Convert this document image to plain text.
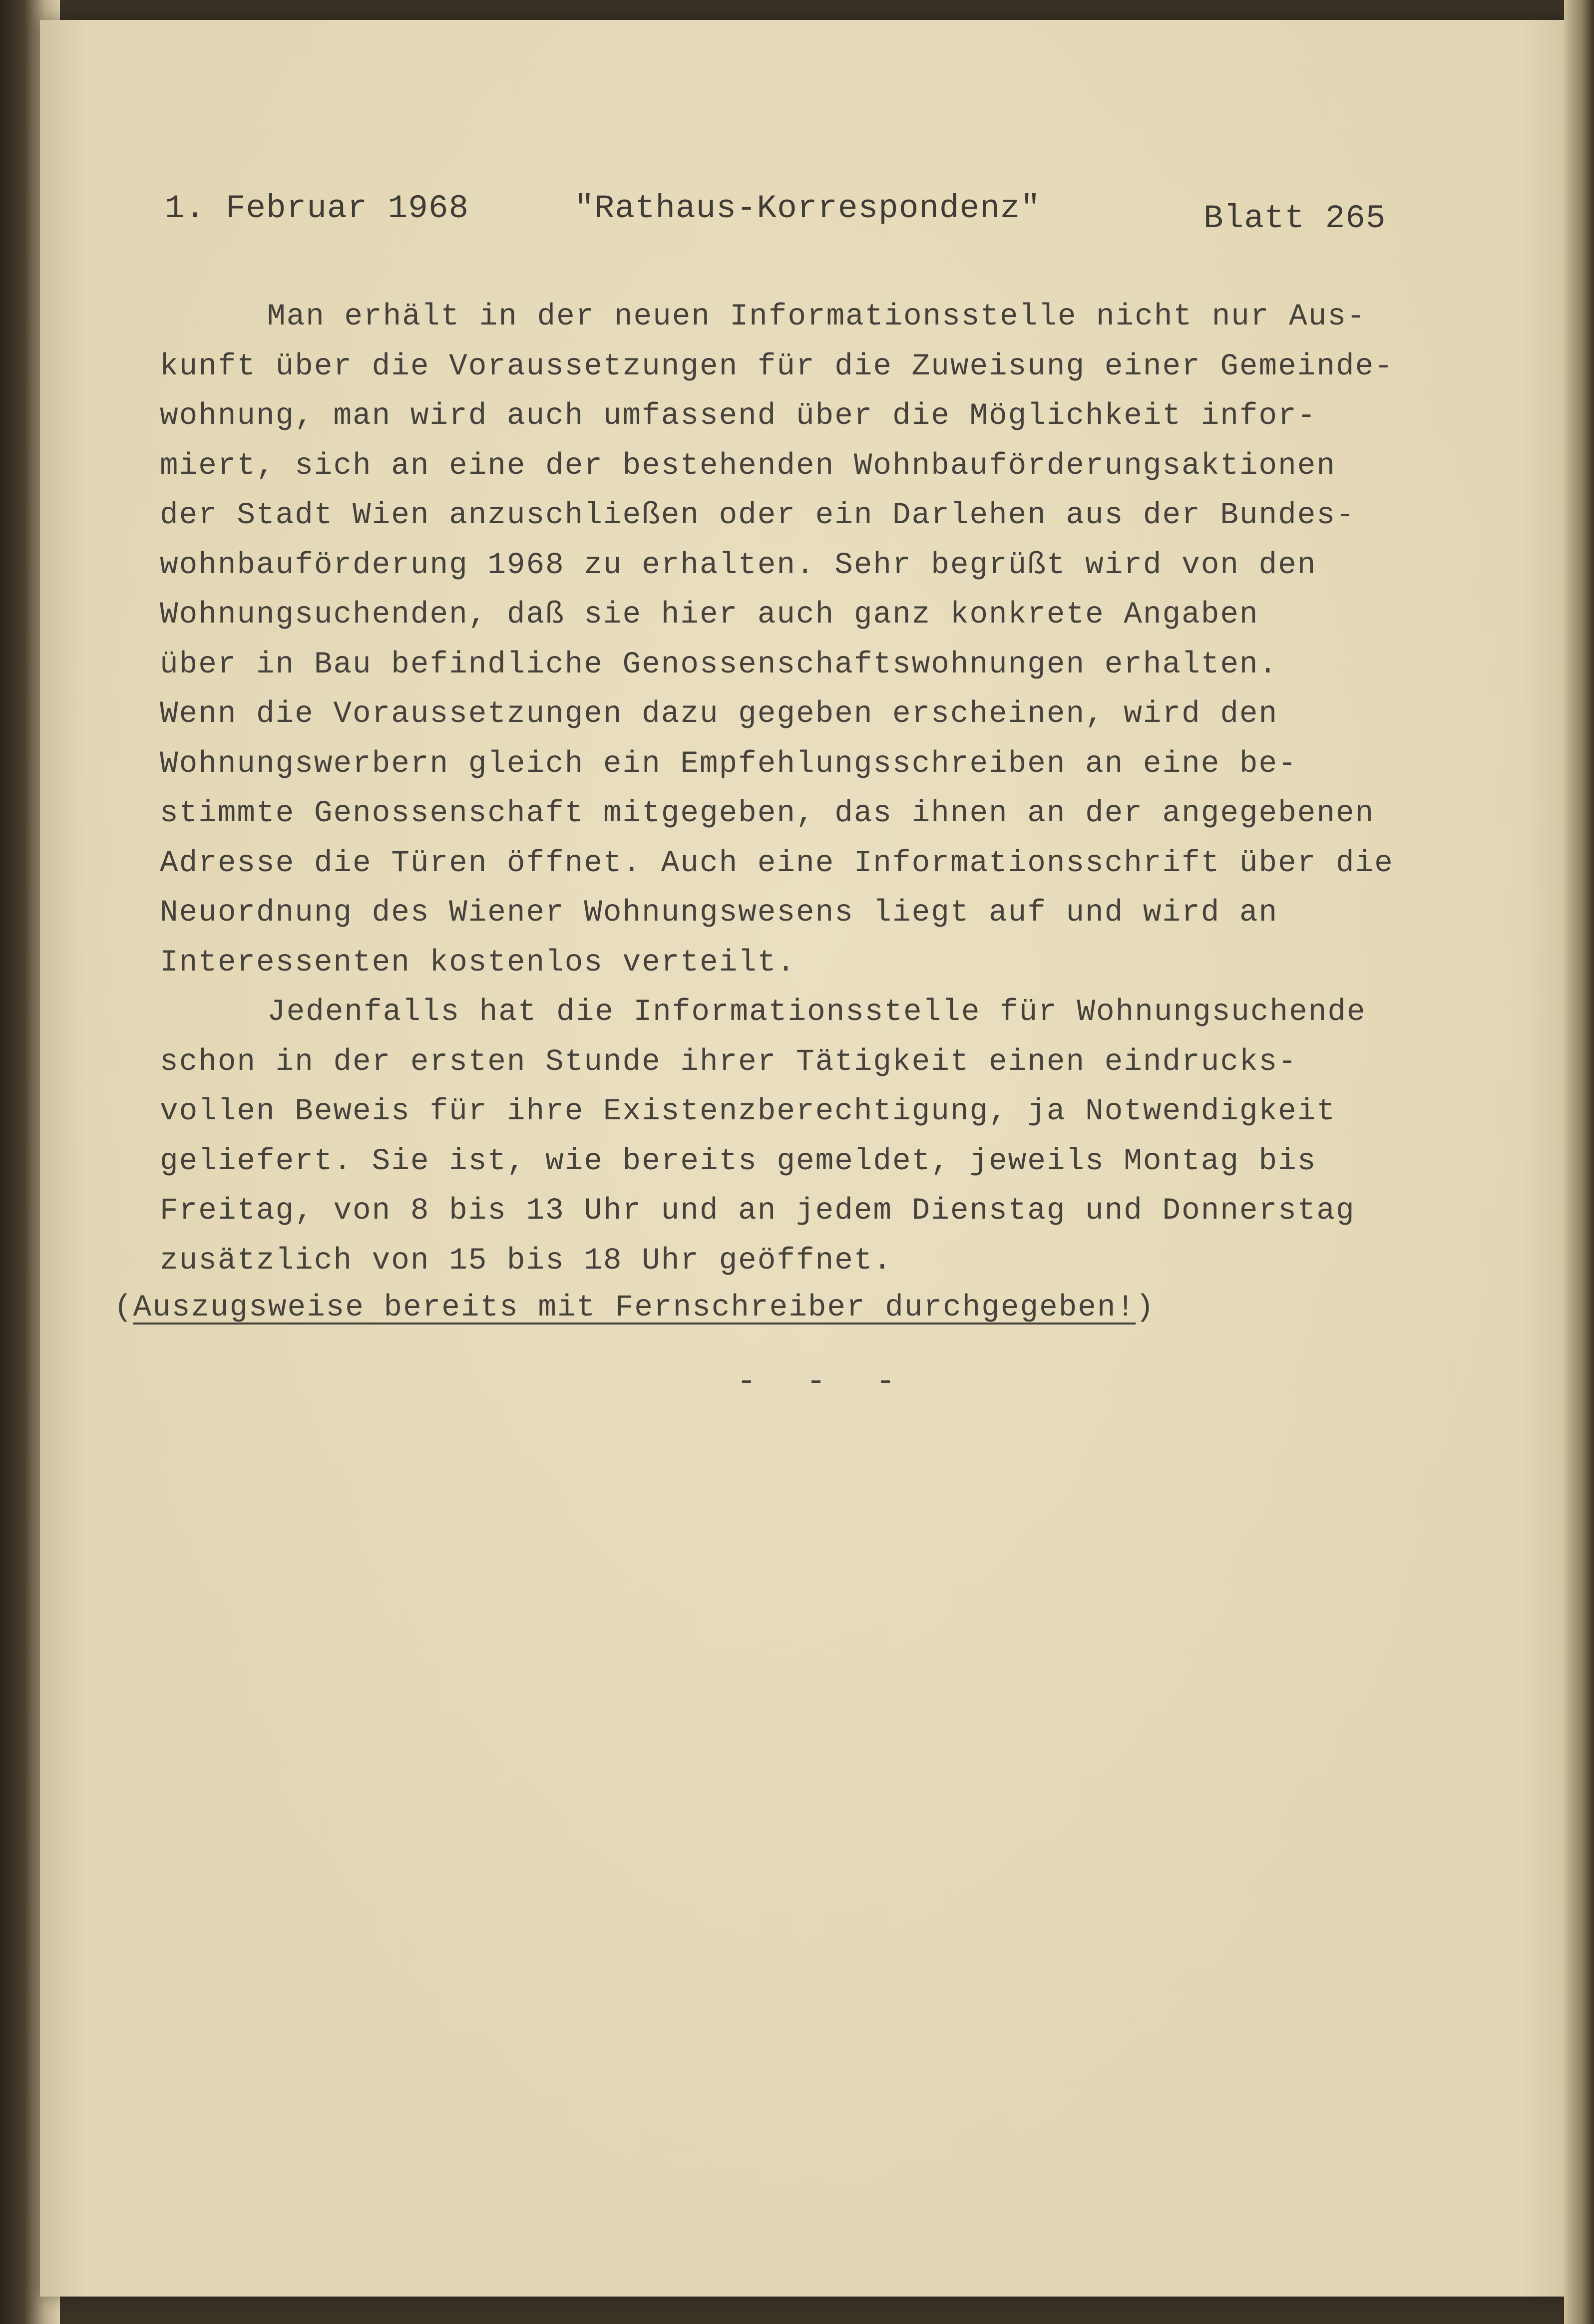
1. Februar 1968	"Rathaus-Korrespondenz"	Blatt 265
Man erhält in der neuen Informationsstelle nicht nur Aus-
kunft über die Voraussetzungen für die Zuweisung einer Gemeinde-
wohnung, man wird auch umfassend über die Möglichkeit infor-
miert, sich an eine der bestehenden Wohnbauförderungsaktionen
der Stadt Wien anzuschließen oder ein Darlehen aus der Bundes-
wohnbauförderung 1968 zu erhalten. Sehr begrüßt wird von den
Wohnungsuchenden, daß sie hier auch ganz konkrete Angaben
über in Bau befindliche Genossenschaftswohnungen erhalten.
Wenn die Voraussetzungen dazu gegeben erscheinen, wird den
Wohnungswerbern gleich ein Empfehlungsschreiben an eine be-
stimmte Genossenschaft mitgegeben, das ihnen an der angegebenen
Adresse die Türen öffnet. Auch eine Informationsschrift über die
Neuordnung des Wiener Wohnungswesens liegt auf und wird an
Interessenten kostenlos verteilt.
Jedenfalls hat die Informationsstelle für Wohnungsuchende
schon in der ersten Stunde ihrer Tätigkeit einen eindrucks-
vollen Beweis für ihre Existenzberechtigung, ja Notwendigkeit
geliefert. Sie ist, wie bereits gemeldet, jeweils Montag bis
Freitag, von 8 bis 13 Uhr und an jedem Dienstag und Donnerstag
zusätzlich von 15 bis 18 Uhr geöffnet.
(Auszugsweise bereits mit Fernschreiber durchgegeben!)
- - -
